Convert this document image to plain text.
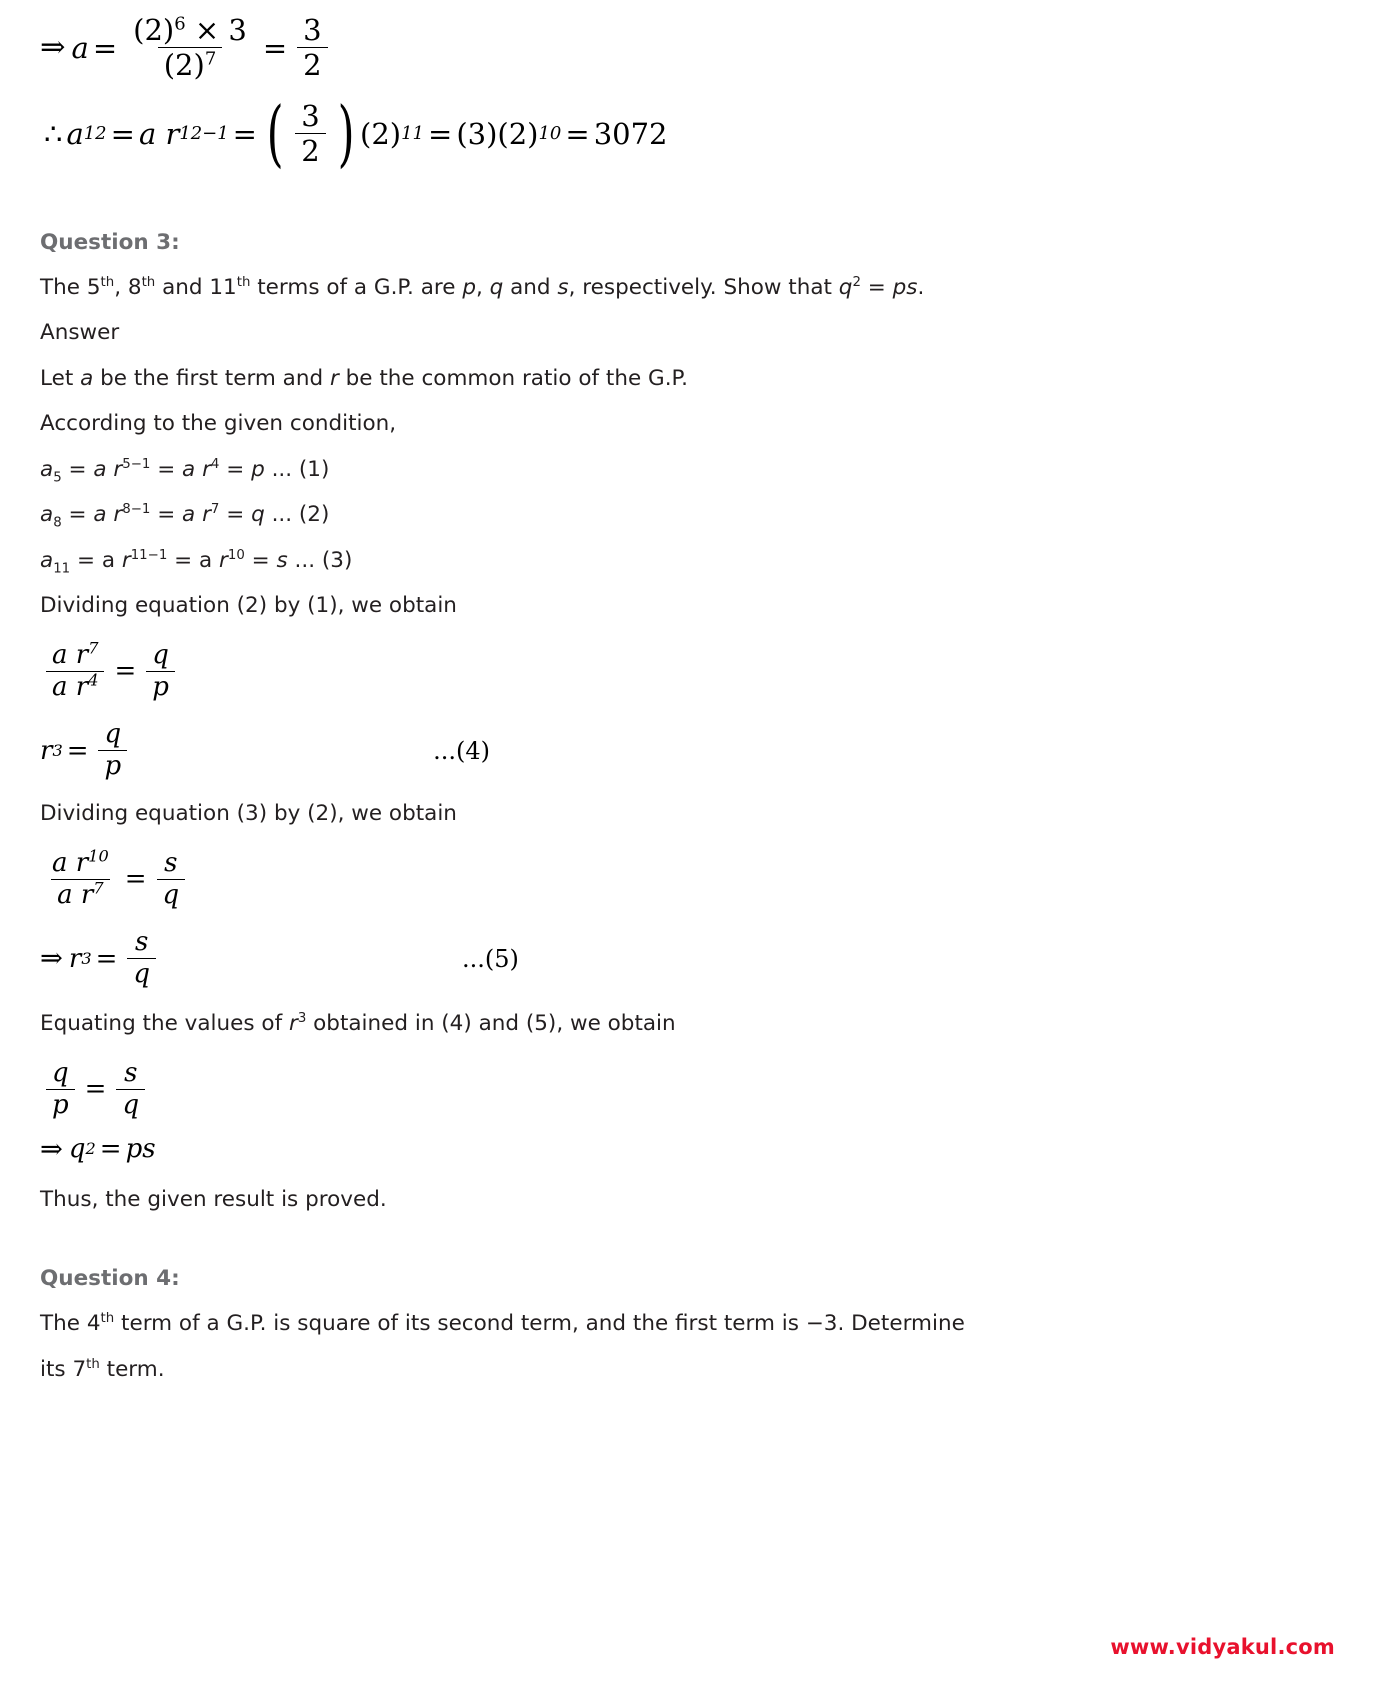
⇒ $a = \frac{(2)^6 \times 3}{(2)^7} = \frac{3}{2}$
∴ a 12 = a r 12−1 = ( $\frac{3}{2}$ ) (2) 11 = (3) (2) 10 = 3072
Question 3:
The 5th, 8th and 11th terms of a G.P. are p, q and s, respectively. Show that $q^2$ = ps.
Answer
Let a be the first term and r be the common ratio of the G.P.
According to the given condition,
$a_5 = a$ $r^{5-1} = a$ $r^4 = p$ ... (1)
$a_8 = a$ $r^{8-1} = a$ $r^7 = q$ ... (2)
$a_{11} = a$ $r^{11-1} = a$ $r^{10} = s$ ... (3)
Dividing equation (2) by (1), we obtain
$\frac{a r^7}{a r^4} = \frac{q}{p}$
r $3 = \frac{q}{p}$	...(4)
Dividing equation (3) by (2), we obtain
$\frac{a r^{10}}{a r^7} = \frac{s}{q}$
⇒ r $3 = \frac{s}{q}$	...(5)
Equating the values of $r^3$ obtained in (4) and (5), we obtain
$\frac{q}{p} = \frac{s}{q}$
⇒ q 2 = ps
Thus, the given result is proved.
Question 4:
The 4th term of a G.P. is square of its second term, and the first term is −3. Determine
its 7th term.
www.vidyakul.com
